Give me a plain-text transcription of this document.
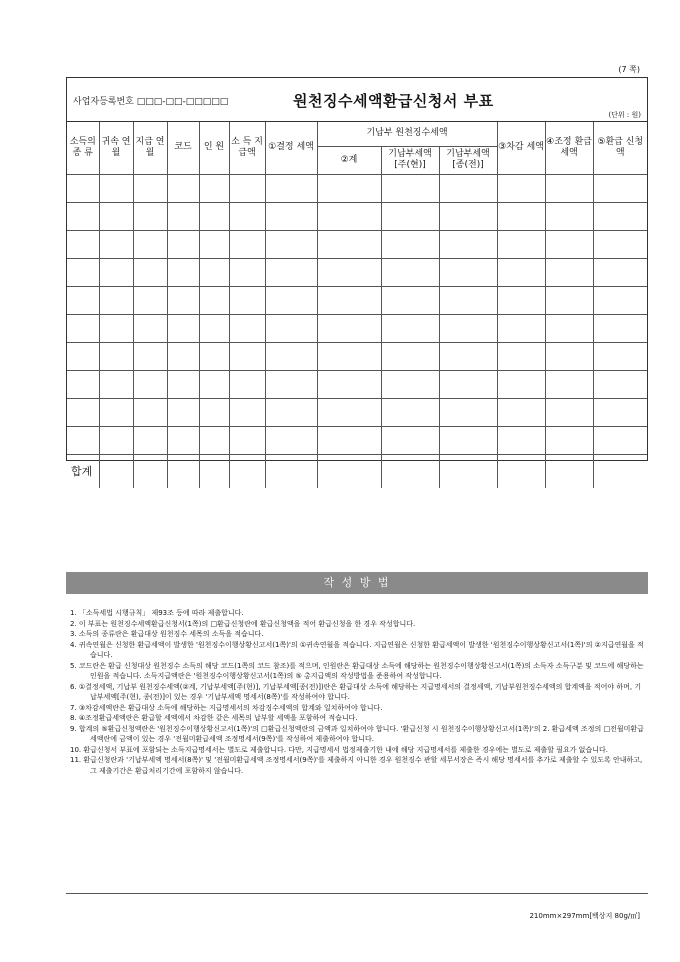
(7 쪽)
사업자등록번호 □□□-□□-□□□□□	원천징수세액환급신청서 부표
(단위 : 원)
소득의 종 류	귀속 연월	지급 연월	코드	인 원	소 득 지급액	①결정 세액	기납부 원천징수세액			③차감 세액	④조정 환급 세액	⑤환급 신청액
							②계	기납부세액 [주(현)]	기납부세액 [종(전)]			

합계												
작 성 방 법
1. 「소득세법 시행규칙」 제93조 등에 따라 제출합니다.
2. 이 부표는 원천징수세액환급신청서(1쪽)의 □환급신청란에 환급신청액을 적어 환급신청을 한 경우 작성합니다.
3. 소득의 종류란은 환급대상 원천징수 세목의 소득을 적습니다.
4. 귀속연월은 신청한 환급세액이 발생한 '원천징수이행상황신고서(1쪽)'의 ①귀속연월을 적습니다. 지급연월은 신청한 환급세액이 발생한 '원천징수이행상황신고서(1쪽)'의 ②지급연월을 적습니다.
5. 코드란은 환급 신청대상 원천징수 소득의 해당 코드(1쪽의 코드 참조)를 적으며, 인원란은 환급대상 소득에 해당하는 원천징수이행상황신고서(1쪽)의 소득자 소득구분 및 코드에 해당하는 인원을 적습니다. 소득지급액란은 '원천징수이행상황신고서(1쪽)의 ⑤ 총지급액의 작성방법을 준용하여 작성합니다.
6. ①결정세액, 기납부 원천징수세액(②계, 기납부세액[주(현)], 기납부세액[종(전)])란은 환급대상 소득에 해당하는 지급명세서의 결정세액, 기납부원천징수세액의 합계액을 적어야 하며, 기납부세액[주(현), 종(전)]이 있는 경우 '기납부세액 명세서(8쪽)'를 작성하여야 합니다.
7. ③차감세액란은 환급대상 소득에 해당하는 지급명세서의 차감징수세액의 합계와 일치하여야 합니다.
8. ④조정환급세액란은 환급할 세액에서 차감한 같은 세목의 납부할 세액을 포함하여 적습니다.
9. 합계의 ⑤환급신청액란은 '원천징수이행상황신고서(1쪽)'의 □환급신청액란의 금액과 일치하여야 합니다. '환급신청 시 원천징수이행상황신고서(1쪽)'의 2. 환급세액 조정의 □전월미환급세액란에 금액이 있는 경우 '전월미환급세액 조정명세서(9쪽)'를 작성하여 제출하여야 합니다.
10. 환급신청서 부표에 포함되는 소득지급명세서는 별도로 제출합니다. 다만, 지급명세서 법정제출기한 내에 해당 지급명세서를 제출한 경우에는 별도로 제출할 필요가 없습니다.
11. 환급신청란과 '기납부세액 명세서(8쪽)' 및 '전월미환급세액 조정명세서(9쪽)'를 제출하지 아니한 경우 원천징수 관할 세무서장은 즉시 해당 명세서를 추가로 제출할 수 있도록 안내하고, 그 제출기간은 환급처리기간에 포함하지 않습니다.
210mm×297mm[백상지 80g/㎡]
